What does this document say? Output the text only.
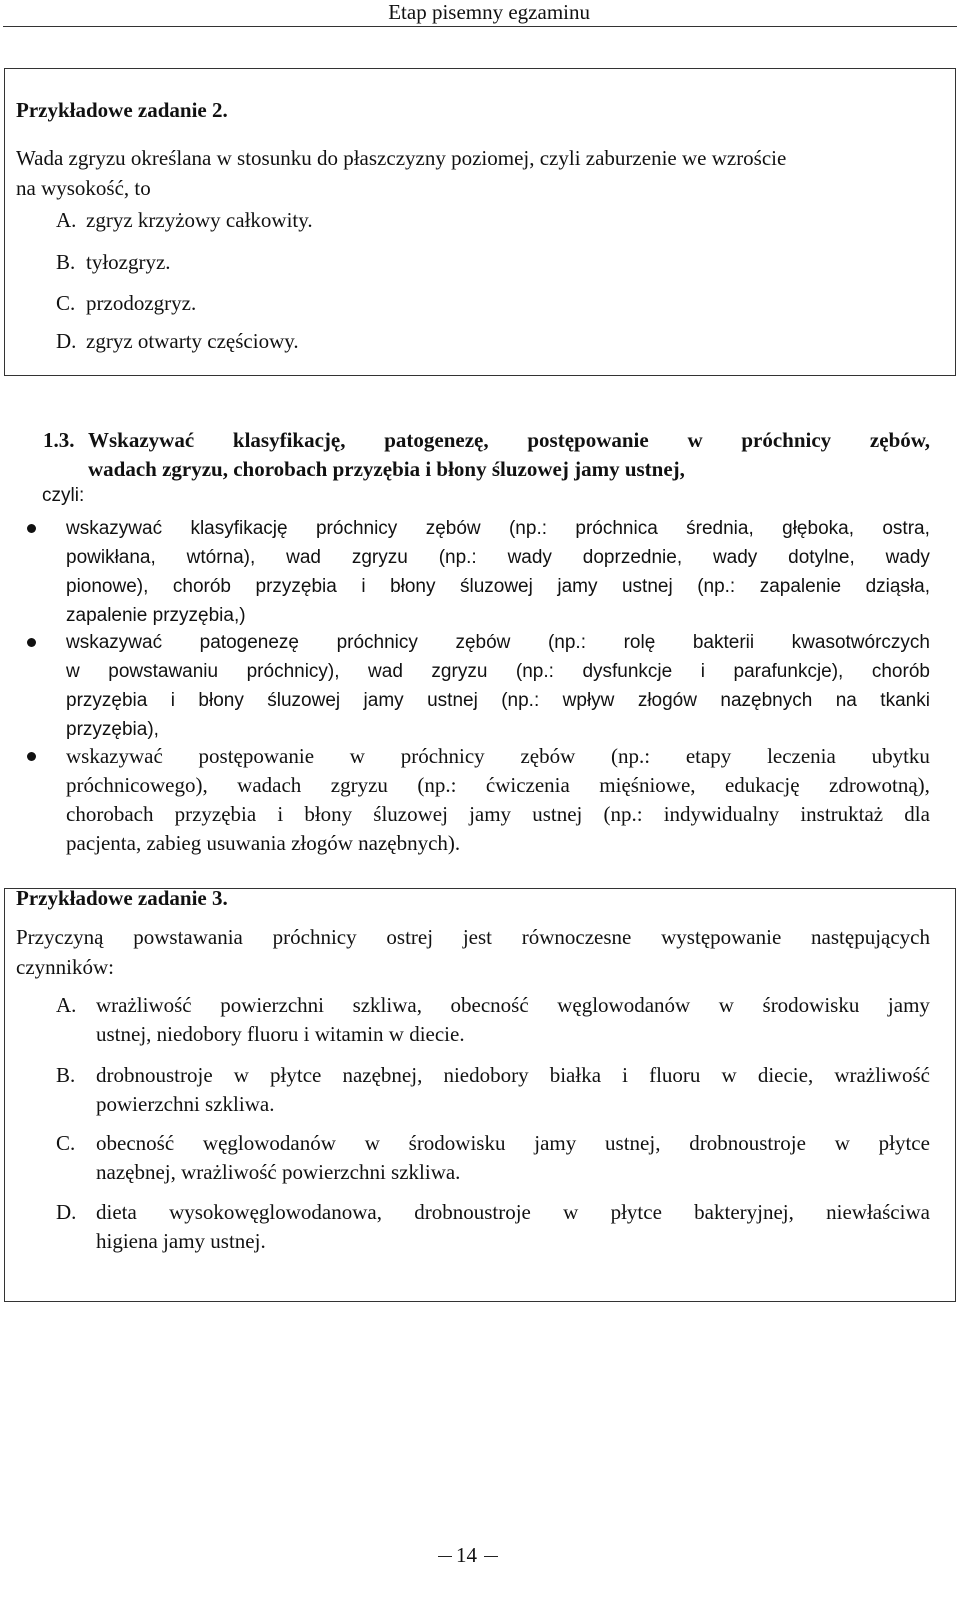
Etap pisemny egzaminu
Przykładowe zadanie 2.
Wada zgryzu określana w stosunku do płaszczyzny poziomej, czyli zaburzenie we wzroście
na wysokość, to
A. zgryz krzyżowy całkowity.
B. tyłozgryz.
C. przodozgryz.
D. zgryz otwarty częściowy.
1.3. Wskazywać klasyfikację, patogenezę, postępowanie w próchnicy zębów,
wadach zgryzu, chorobach przyzębia i błony śluzowej jamy ustnej,
czyli:
wskazywać klasyfikację próchnicy zębów (np.: próchnica średnia, głęboka, ostra,
powikłana, wtórna), wad zgryzu (np.: wady doprzednie, wady dotylne, wady
pionowe), chorób przyzębia i błony śluzowej jamy ustnej (np.: zapalenie dziąsła,
zapalenie przyzębia,)
wskazywać patogenezę próchnicy zębów (np.: rolę bakterii kwasotwórczych
w powstawaniu próchnicy), wad zgryzu (np.: dysfunkcje i parafunkcje), chorób
przyzębia i błony śluzowej jamy ustnej (np.: wpływ złogów nazębnych na tkanki
przyzębia),
wskazywać postępowanie w próchnicy zębów (np.: etapy leczenia ubytku
próchnicowego), wadach zgryzu (np.: ćwiczenia mięśniowe, edukację zdrowotną),
chorobach przyzębia i błony śluzowej jamy ustnej (np.: indywidualny instruktaż dla
pacjenta, zabieg usuwania złogów nazębnych).
Przykładowe zadanie 3.
Przyczyną powstawania próchnicy ostrej jest równoczesne występowanie następujących
czynników:
A. wrażliwość powierzchni szkliwa, obecność węglowodanów w środowisku jamy
ustnej, niedobory fluoru i witamin w diecie.
B. drobnoustroje w płytce nazębnej, niedobory białka i fluoru w diecie, wrażliwość
powierzchni szkliwa.
C. obecność węglowodanów w środowisku jamy ustnej, drobnoustroje w płytce
nazębnej, wrażliwość powierzchni szkliwa.
D. dieta wysokowęglowodanowa, drobnoustroje w płytce bakteryjnej, niewłaściwa
higiena jamy ustnej.
14
